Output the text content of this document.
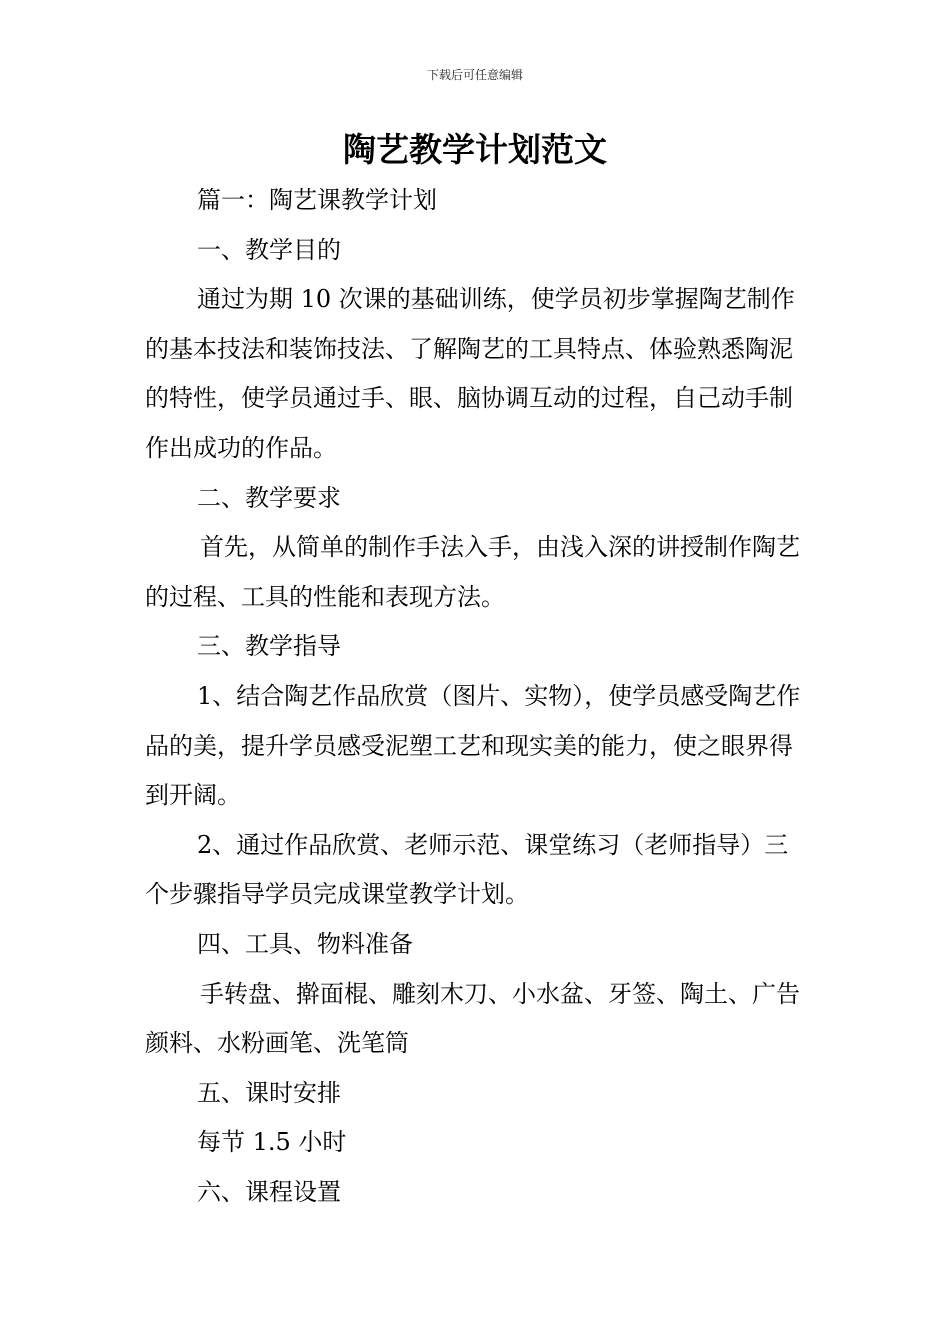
下载后可任意编辑
陶艺教学计划范文

篇一：陶艺课教学计划

一、教学目的

通过为期 10 次课的基础训练，使学员初步掌握陶艺制作的基本技法和装饰技法、了解陶艺的工具特点、体验熟悉陶泥的特性，使学员通过手、眼、脑协调互动的过程，自己动手制作出成功的作品。

二、教学要求

首先，从简单的制作手法入手，由浅入深的讲授制作陶艺的过程、工具的性能和表现方法。

三、教学指导

1、结合陶艺作品欣赏（图片、实物），使学员感受陶艺作品的美，提升学员感受泥塑工艺和现实美的能力，使之眼界得到开阔。

2、通过作品欣赏、老师示范、课堂练习（老师指导）三个步骤指导学员完成课堂教学计划。

四、工具、物料准备

手转盘、擀面棍、雕刻木刀、小水盆、牙签、陶土、广告颜料、水粉画笔、洗笔筒

五、课时安排

每节 1.5 小时

六、课程设置
